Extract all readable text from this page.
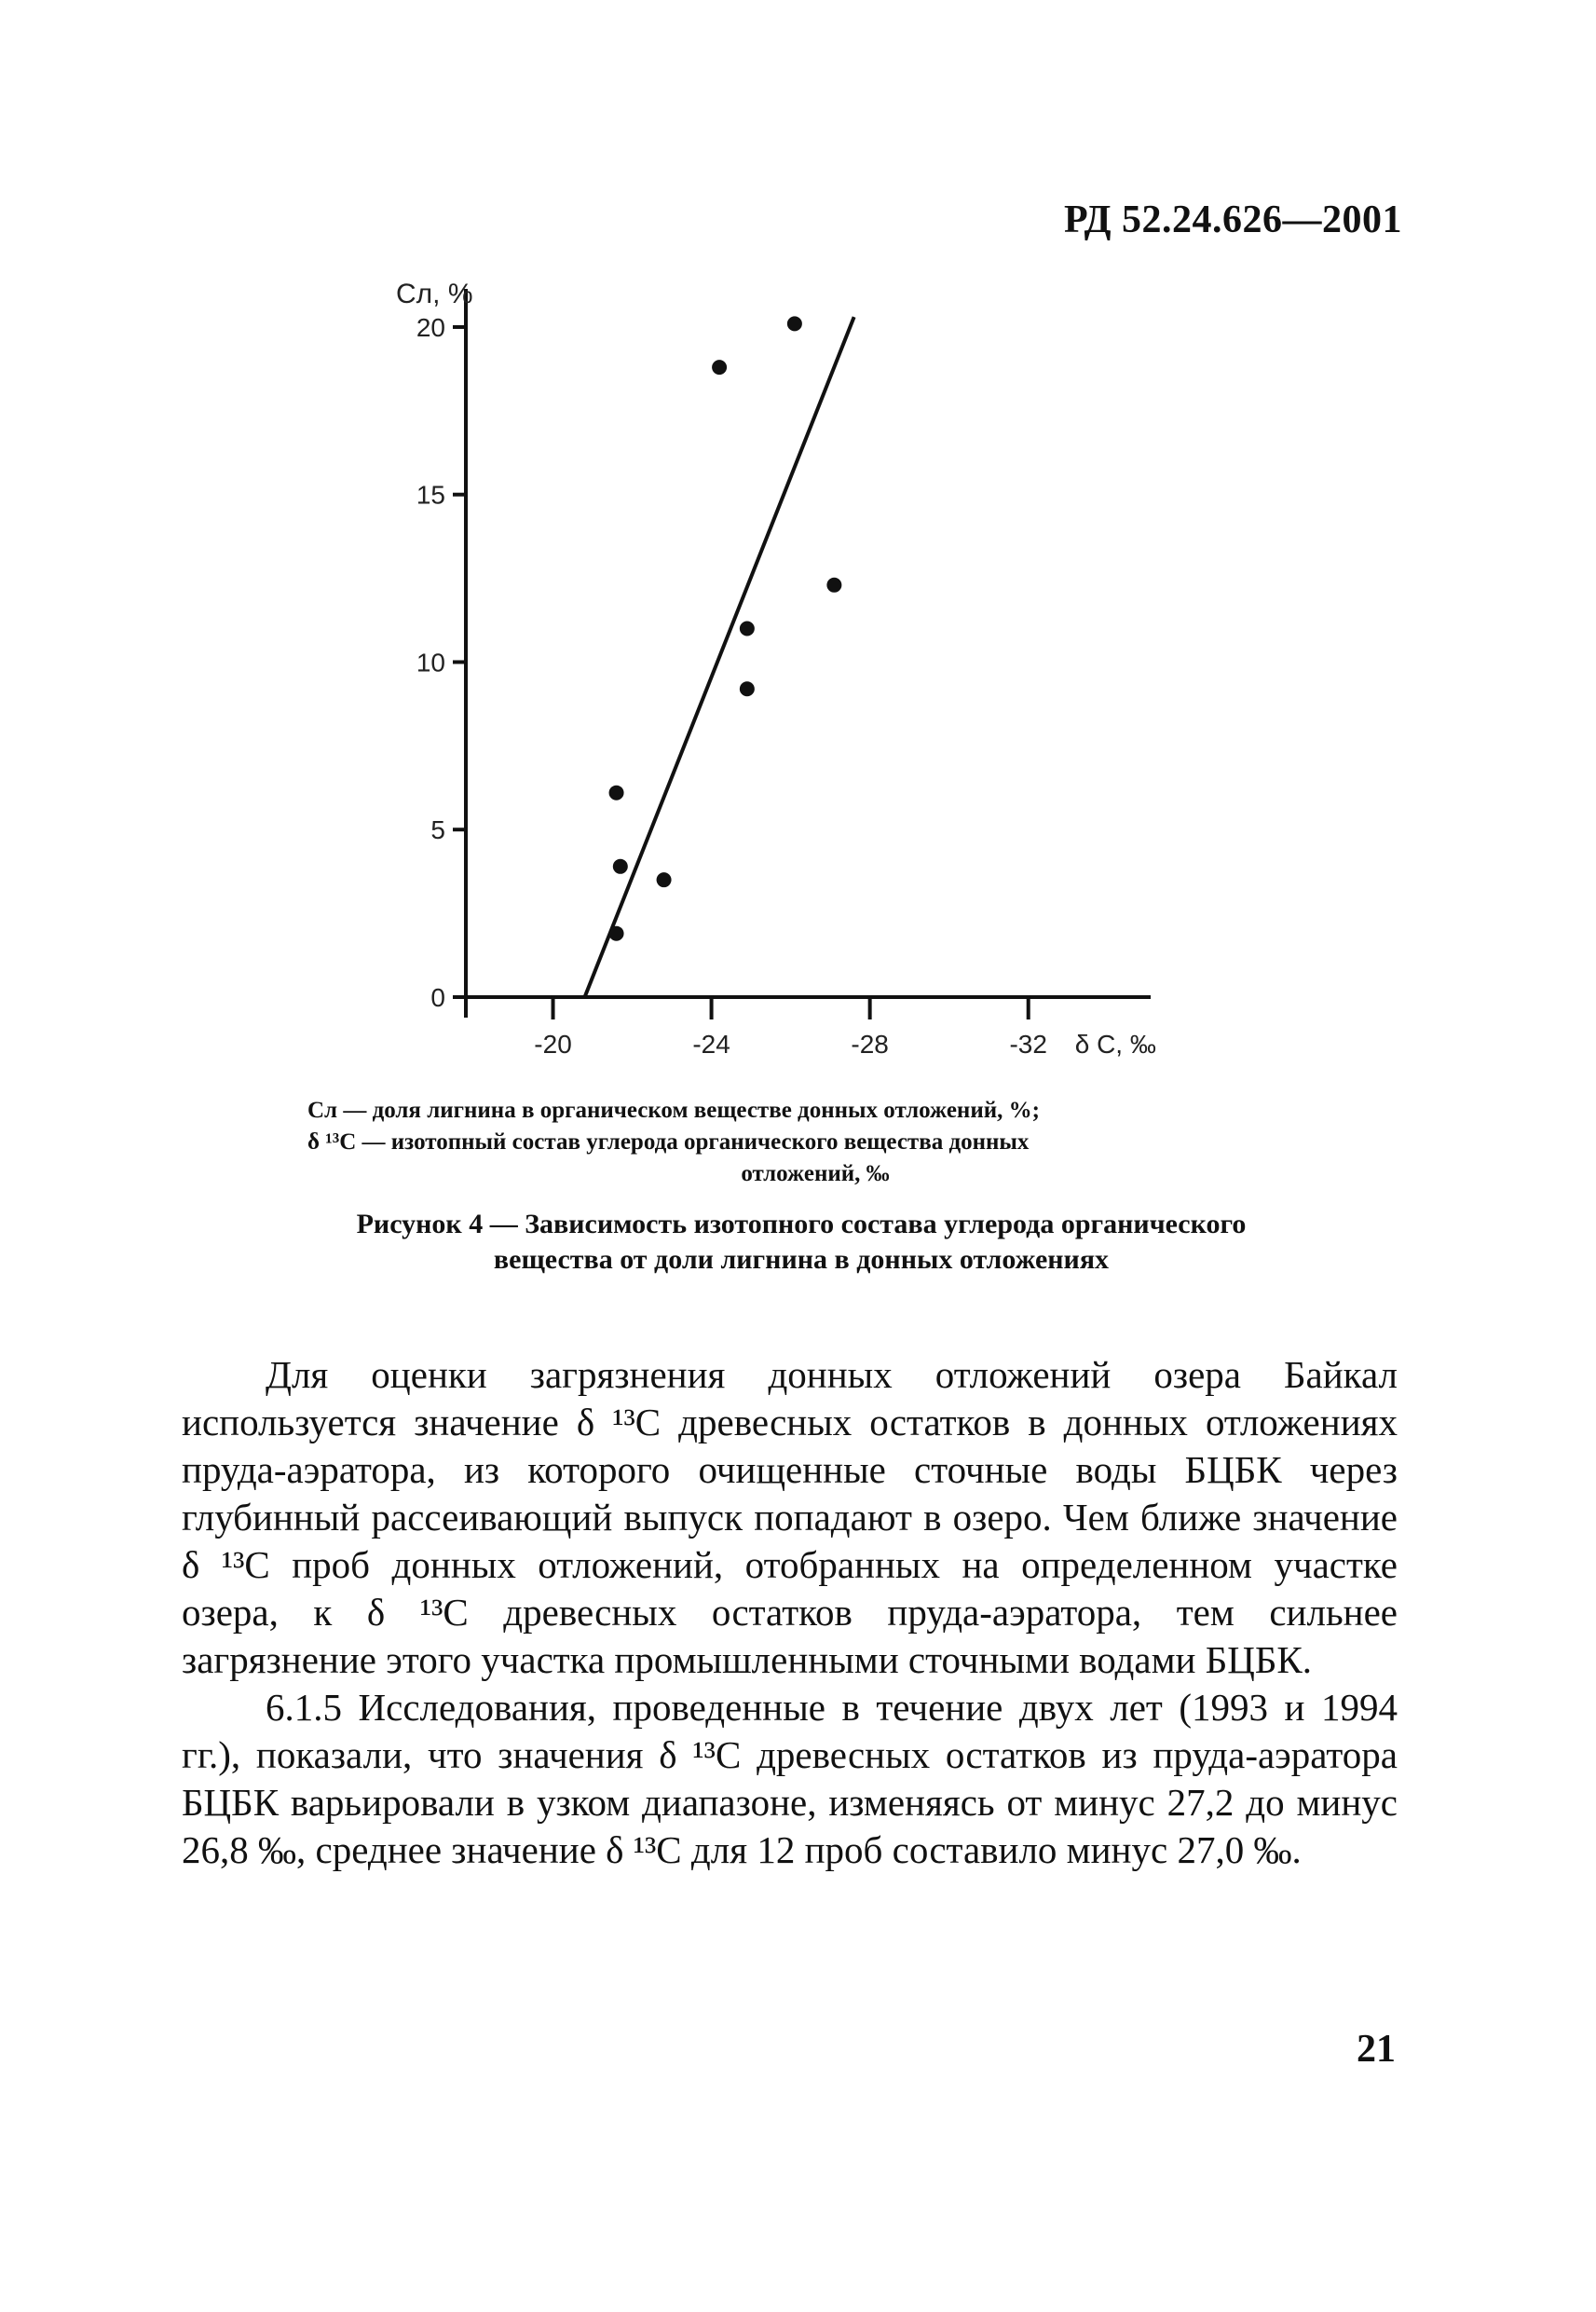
РД 52.24.626—2001
0
5
10
15
20
-20	-24	-28	-32
Сл, %
δ С, ‰
Сл — доля лигнина в органическом веществе донных отложений, %;
δ ¹³С — изотопный состав углерода органического вещества донных
отложений, ‰
Рисунок 4 — Зависимость изотопного состава углерода органического вещества от доли лигнина в донных отложениях

Для оценки загрязнения донных отложений озера Байкал используется значение δ ¹³С древесных остатков в донных отложениях пруда-аэратора, из которого очищенные сточные воды БЦБК через глубинный рассеивающий выпуск попадают в озеро. Чем ближе значение δ ¹³С проб донных отложений, отобранных на определенном участке озера, к δ ¹³С древесных остатков пруда-аэратора, тем сильнее загрязнение этого участка промышленными сточными водами БЦБК.

6.1.5 Исследования, проведенные в течение двух лет (1993 и 1994 гг.), показали, что значения δ ¹³С древесных остатков из пруда-аэратора БЦБК варьировали в узком диапазоне, изменяясь от минус 27,2 до минус 26,8 ‰, среднее значение δ ¹³С для 12 проб составило минус 27,0 ‰.

21
